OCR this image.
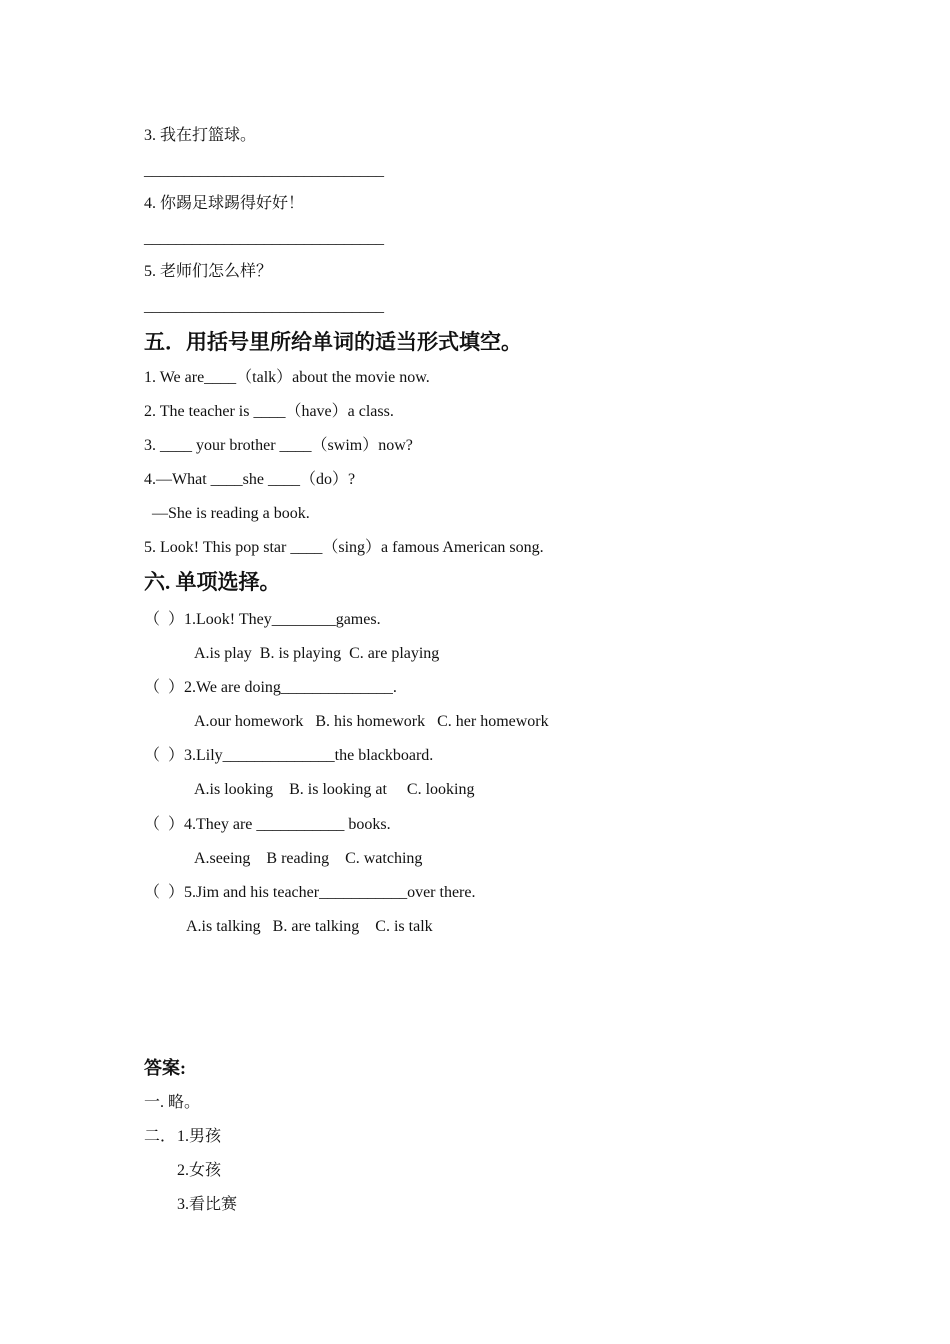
3. 我在打篮球。
______________________________
4. 你踢足球踢得好好！
______________________________
5. 老师们怎么样？
______________________________
五．用括号里所给单词的适当形式填空。
1. We are____（talk）about the movie now.
2. The teacher is ____（have）a class.
3. ____ your brother ____（swim）now?
4.—What ____she ____（do）?
—She is reading a book.
5. Look! This pop star ____（sing）a famous American song.
六. 单项选择。
（  ）1.Look! They________games.
A.is play  B. is playing  C. are playing
（  ）2.We are doing______________.
A.our homework   B. his homework   C. her homework
（  ）3.Lily______________the blackboard.
A.is looking    B. is looking at     C. looking
（  ）4.They are ___________ books.
A.seeing    B reading    C. watching
（  ）5.Jim and his teacher___________over there.
A.is talking   B. are talking    C. is talk
答案:
一. 略。
二． 1.男孩
2.女孩
3.看比赛
